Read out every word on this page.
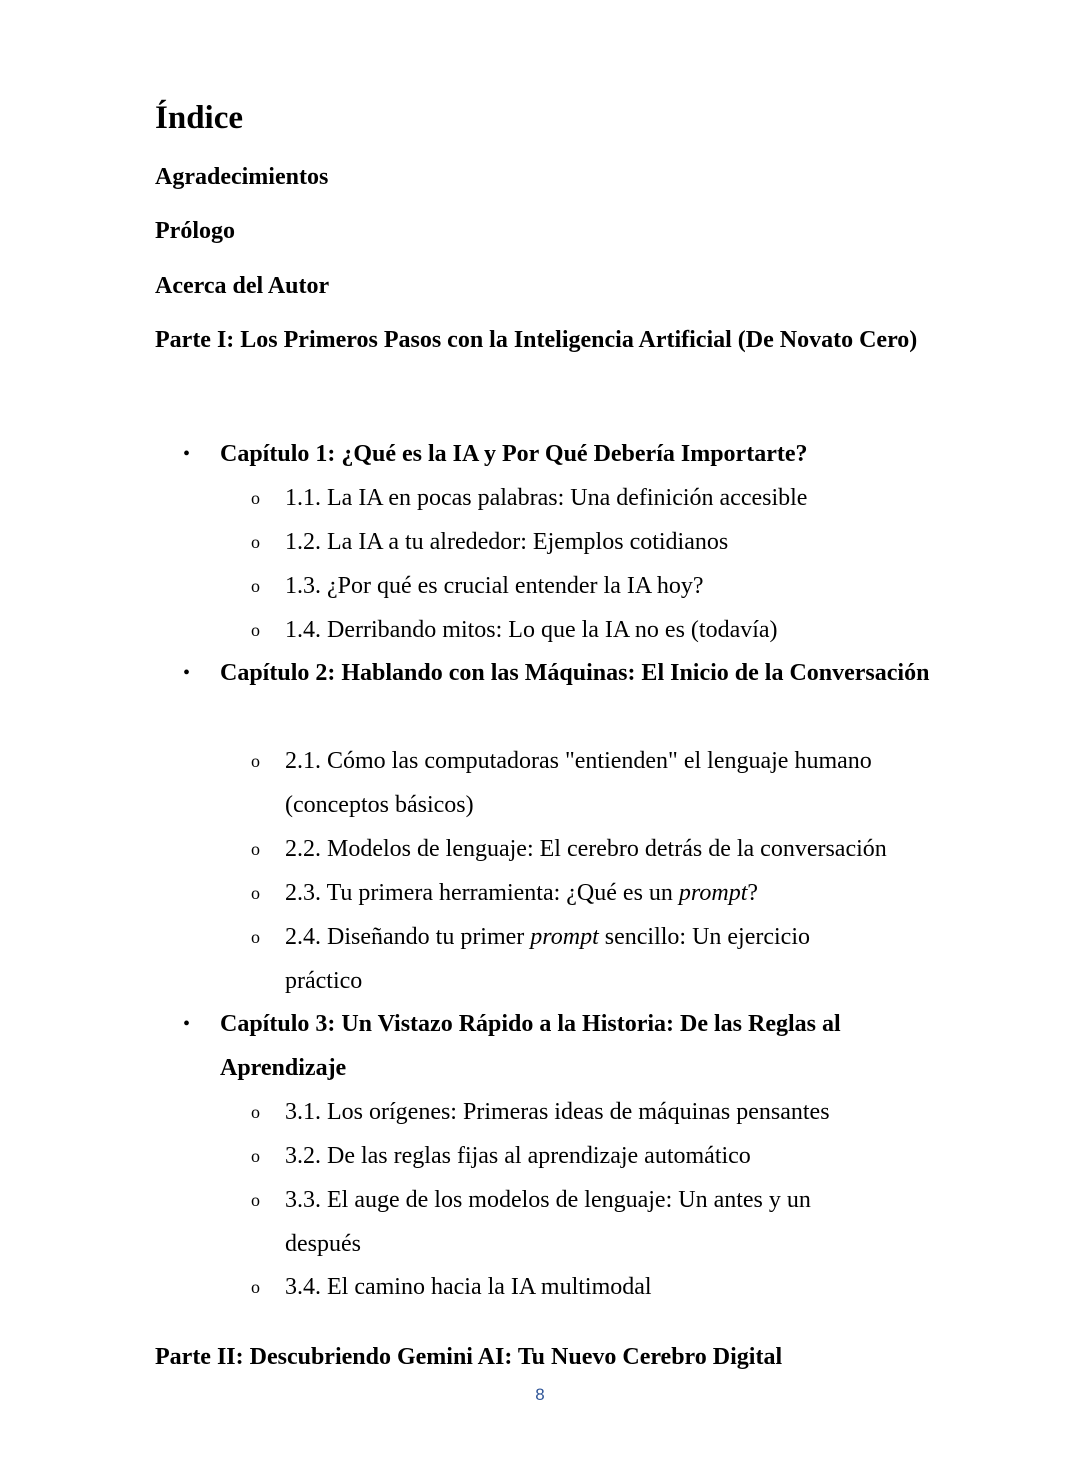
Índice

Agradecimientos

Prólogo

Acerca del Autor

Parte I: Los Primeros Pasos con la Inteligencia Artificial (De Novato Cero)

• Capítulo 1: ¿Qué es la IA y Por Qué Debería Importarte?
o 1.1. La IA en pocas palabras: Una definición accesible
o 1.2. La IA a tu alrededor: Ejemplos cotidianos
o 1.3. ¿Por qué es crucial entender la IA hoy?
o 1.4. Derribando mitos: Lo que la IA no es (todavía)
• Capítulo 2: Hablando con las Máquinas: El Inicio de la Conversación
o 2.1. Cómo las computadoras "entienden" el lenguaje humano (conceptos básicos)
o 2.2. Modelos de lenguaje: El cerebro detrás de la conversación
o 2.3. Tu primera herramienta: ¿Qué es un prompt?
o 2.4. Diseñando tu primer prompt sencillo: Un ejercicio práctico
• Capítulo 3: Un Vistazo Rápido a la Historia: De las Reglas al Aprendizaje
o 3.1. Los orígenes: Primeras ideas de máquinas pensantes
o 3.2. De las reglas fijas al aprendizaje automático
o 3.3. El auge de los modelos de lenguaje: Un antes y un después
o 3.4. El camino hacia la IA multimodal

Parte II: Descubriendo Gemini AI: Tu Nuevo Cerebro Digital

8
